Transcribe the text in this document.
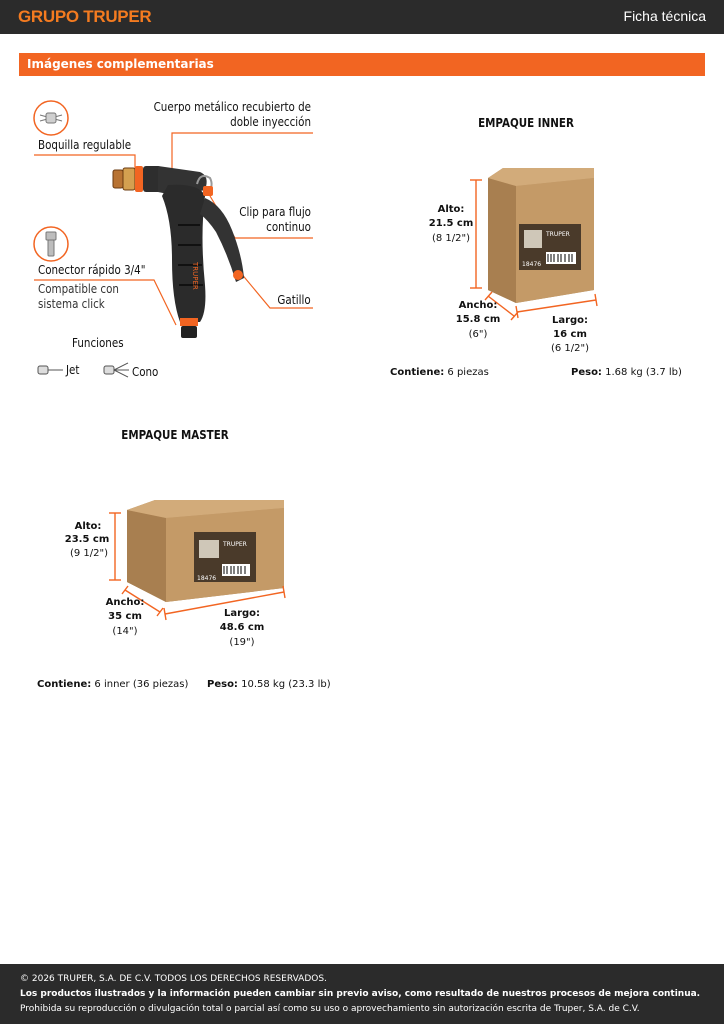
GRUPO TRUPER	Ficha técnica
Imágenes complementarias
TRUPER
Cuerpo metálico recubierto de doble inyección
Boquilla regulable
Clip para flujo continuo
Conector rápido 3/4"
Compatible con sistema click	Gatillo
Funciones
Jet	Cono
EMPAQUE INNER
TRUPER
18476
Alto:
21.5 cm
(8 1/2")
Ancho:
15.8 cm
(6")
Largo:
16 cm
(6 1/2")
Contiene: 6 piezas	Peso: 1.68 kg (3.7 lb)
EMPAQUE MASTER
TRUPER
18476
Alto:
23.5 cm
(9 1/2")
Ancho:
35 cm
(14")
Largo:
48.6 cm
(19")
Contiene: 6 inner (36 piezas) Peso: 10.58 kg (23.3 lb)
© 2026 TRUPER, S.A. DE C.V. TODOS LOS DERECHOS RESERVADOS.
Los productos ilustrados y la información pueden cambiar sin previo aviso, como resultado de nuestros procesos de mejora continua.
Prohibida su reproducción o divulgación total o parcial así como su uso o aprovechamiento sin autorización escrita de Truper, S.A. de C.V.
